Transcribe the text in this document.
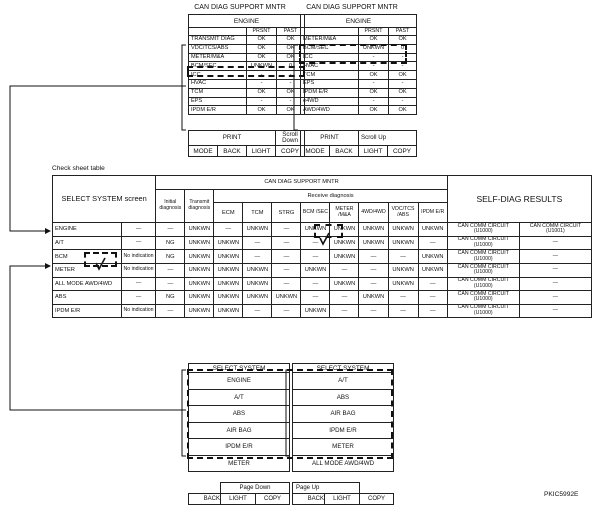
CAN DIAG SUPPORT MNTR
ENGINE		
	PRSNT	PAST
TRANSMIT DIAG	OK	OK
VDC/TCS/ABS	OK	OK
METER/M&A	OK	OK
BCM/SEC	UNKWN	0
ICC	-	-
HVAC	-	-
TCM	OK	OK
EPS	-	-
IPDM E/R	OK	OK
PRINT			Scroll Down
MODE	BACK	LIGHT	COPY
CAN DIAG SUPPORT MNTR
ENGINE		
	PRSNT	PAST
METER/M&A	OK	OK
BCM/SEC	UNKWN	0
ICC	-	-
HVAC	-	-
TCM	OK	OK
EPS	-	-
IPDM E/R	OK	OK
e4WD	-	-
AWD/4WD	OK	OK
PRINT		Scroll Up	
MODE	BACK	LIGHT	COPY
Check sheet table
SELECT SYSTEM screen		CAN DIAG SUPPORT MNTR										SELF-DIAG RESULTS	
		Initial diagnosis	Transmit diagnosis	Receive diagnosis									
				ECM	TCM	STRG	BCM /SEC	METER /M&A	4WD/4WD	VDC/TCS /ABS	IPDM E/R		
ENGINE	—	—	UNKWN	—	UNKWN	—	UNKWN	UNKWN	UNKWN	UNKWN	UNKWN	CAN COMM CIRCUIT (U1000)	CAN COMM CIRCUIT (U1001)
A/T	—	NG	UNKWN	UNKWN	—	—	—	UNKWN	UNKWN	UNKWN	—	CAN COMM CIRCUIT (U1000)	—
BCM	No indication	NG	UNKWN	UNKWN	—	—	—	UNKWN	—	—	UNKWN	CAN COMM CIRCUIT (U1000)	—
METER	No indication	—	UNKWN	UNKWN	UNKWN	—	UNKWN	—	—	UNKWN	UNKWN	CAN COMM CIRCUIT (U1000)	—
ALL MODE AWD/4WD	—	—	UNKWN	UNKWN	UNKWN	—	—	UNKWN	—	UNKWN	—	CAN COMM CIRCUIT (U1000)	—
ABS	—	NG	UNKWN	UNKWN	UNKWN	UNKWN	—	—	UNKWN	—	—	CAN COMM CIRCUIT (U1000)	—
IPDM E/R	No indication	—	UNKWN	UNKWN	—	—	UNKWN	—	—	—	—	CAN COMM CIRCUIT (U1000)	—
SELECT SYSTEM		
ENGINE		
A/T		
ABS		
AIR BAG		
IPDM E/R		
METER		

	Page Down	
BACK	LIGHT	COPY
SELECT SYSTEM		
A/T		
ABS		
AIR BAG		
IPDM E/R		
METER		
ALL MODE AWD/4WD		

Page Up		
BACK	LIGHT	COPY
PKIC5992E
